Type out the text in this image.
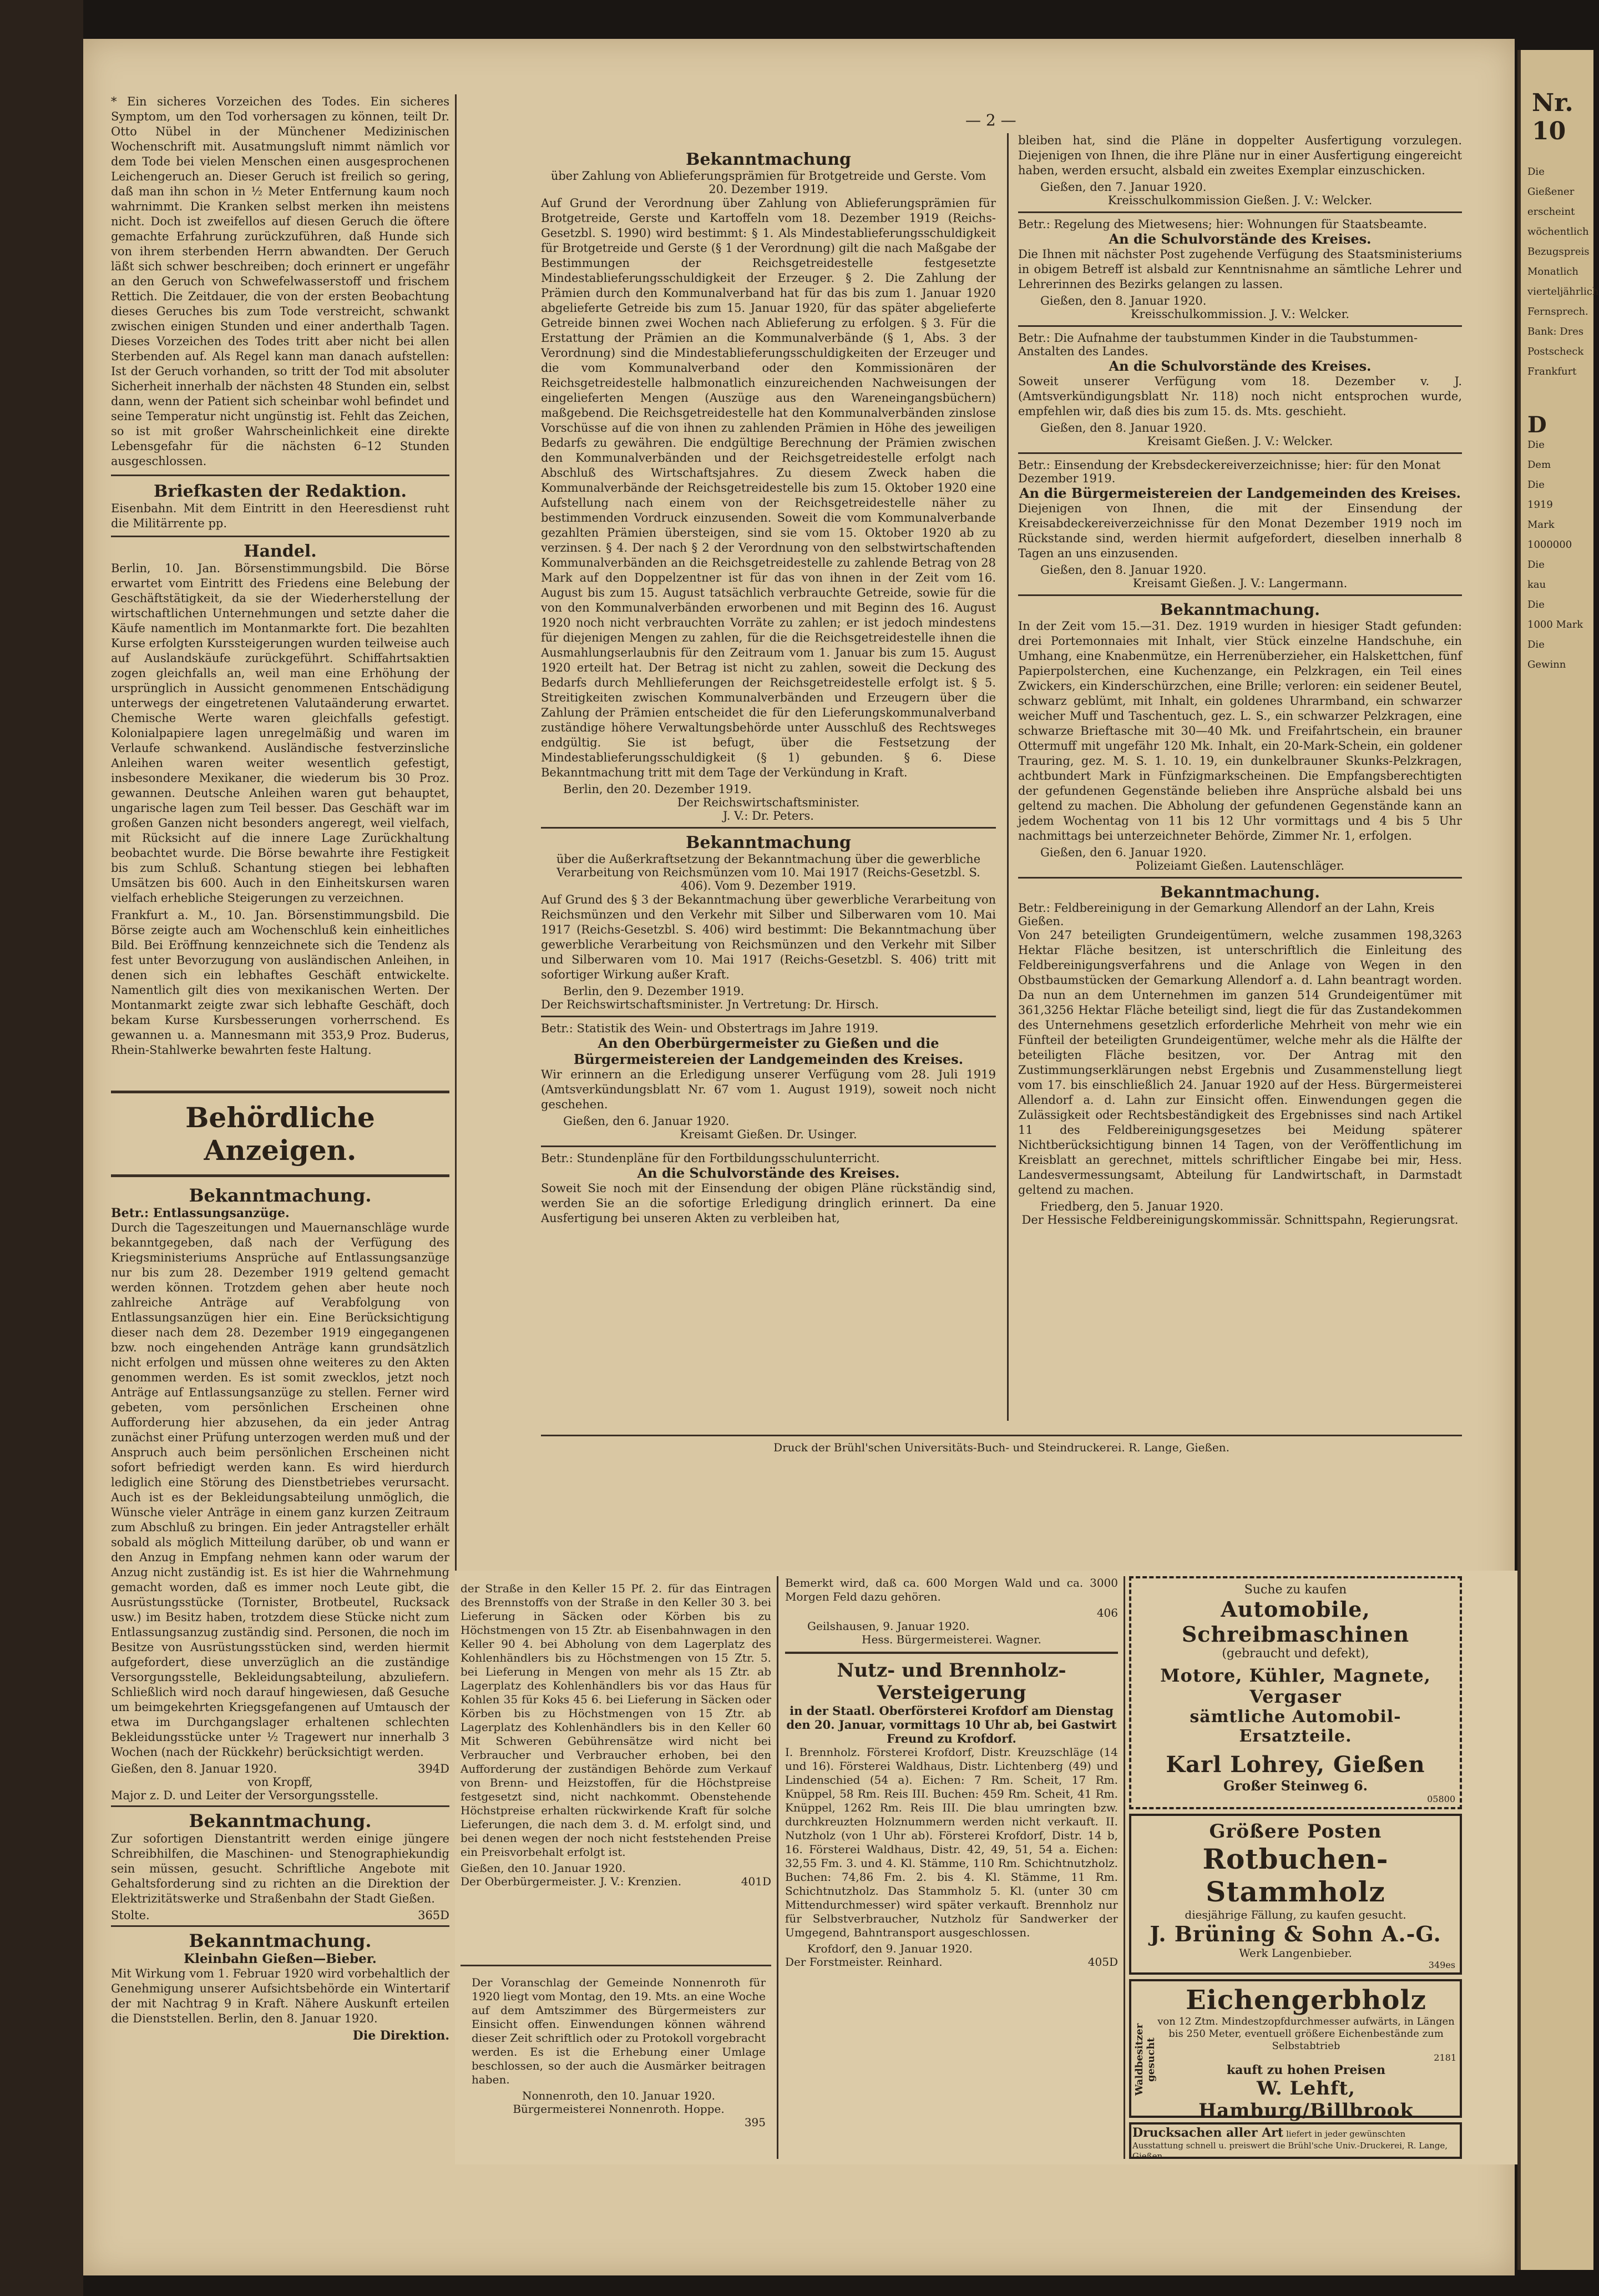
Nr. 10
Die Gießener
erscheint wöchentlich
Bezugspreis
Monatlich
vierteljährlich
Fernsprech.
Bank: Dres
Postscheck
Frankfurt
D
Die
Dem
Die
1919
Mark
1000000
Die
kau
Die
1000 Mark
Die
Gewinn
— 2 —

* Ein sicheres Vorzeichen des Todes. Ein sicheres Symptom, um den Tod vorhersagen zu können, teilt Dr. Otto Nübel in der Münchener Medizinischen Wochenschrift mit. Ausatmungsluft nimmt nämlich vor dem Tode bei vielen Menschen einen ausgesprochenen Leichengeruch an. Dieser Geruch ist freilich so gering, daß man ihn schon in ½ Meter Entfernung kaum noch wahrnimmt. Die Kranken selbst merken ihn meistens nicht. Doch ist zweifellos auf diesen Geruch die öftere gemachte Erfahrung zurückzuführen, daß Hunde sich von ihrem sterbenden Herrn abwandten. Der Geruch läßt sich schwer beschreiben; doch erinnert er ungefähr an den Geruch von Schwefelwasserstoff und frischem Rettich. Die Zeitdauer, die von der ersten Beobachtung dieses Geruches bis zum Tode verstreicht, schwankt zwischen einigen Stunden und einer anderthalb Tagen. Dieses Vorzeichen des Todes tritt aber nicht bei allen Sterbenden auf. Als Regel kann man danach aufstellen: Ist der Geruch vorhanden, so tritt der Tod mit absoluter Sicherheit innerhalb der nächsten 48 Stunden ein, selbst dann, wenn der Patient sich scheinbar wohl befindet und seine Temperatur nicht ungünstig ist. Fehlt das Zeichen, so ist mit großer Wahrscheinlichkeit eine direkte Lebensgefahr für die nächsten 6–12 Stunden ausgeschlossen.

Briefkasten der Redaktion.

Eisenbahn. Mit dem Eintritt in den Heeresdienst ruht die Militärrente pp.

Handel.

Berlin, 10. Jan. Börsenstimmungsbild. Die Börse erwartet vom Eintritt des Friedens eine Belebung der Geschäftstätigkeit, da sie der Wiederherstellung der wirtschaftlichen Unternehmungen und setzte daher die Käufe namentlich im Montanmarkte fort. Die bezahlten Kurse erfolgten Kurssteigerungen wurden teilweise auch auf Auslandskäufe zurückgeführt. Schiffahrtsaktien zogen gleichfalls an, weil man eine Erhöhung der ursprünglich in Aussicht genommenen Entschädigung unterwegs der eingetretenen Valutaänderung erwartet. Chemische Werte waren gleichfalls gefestigt. Kolonialpapiere lagen unregelmäßig und waren im Verlaufe schwankend. Ausländische festverzinsliche Anleihen waren weiter wesentlich gefestigt, insbesondere Mexikaner, die wiederum bis 30 Proz. gewannen. Deutsche Anleihen waren gut behauptet, ungarische lagen zum Teil besser. Das Geschäft war im großen Ganzen nicht besonders angeregt, weil vielfach, mit Rücksicht auf die innere Lage Zurückhaltung beobachtet wurde. Die Börse bewahrte ihre Festigkeit bis zum Schluß. Schantung stiegen bei lebhaften Umsätzen bis 600. Auch in den Einheitskursen waren vielfach erhebliche Steigerungen zu verzeichnen.

Frankfurt a. M., 10. Jan. Börsenstimmungsbild. Die Börse zeigte auch am Wochenschluß kein einheitliches Bild. Bei Eröffnung kennzeichnete sich die Tendenz als fest unter Bevorzugung von ausländischen Anleihen, in denen sich ein lebhaftes Geschäft entwickelte. Namentlich gilt dies von mexikanischen Werten. Der Montanmarkt zeigte zwar sich lebhafte Geschäft, doch bekam Kurse Kursbesserungen vorherrschend. Es gewannen u. a. Mannesmann mit 353,9 Proz. Buderus, Rhein-Stahlwerke bewahrten feste Haltung.

Behördliche Anzeigen.
Bekanntmachung.
Betr.: Entlassungsanzüge.

Durch die Tageszeitungen und Mauernanschläge wurde bekanntgegeben, daß nach der Verfügung des Kriegsministeriums Ansprüche auf Entlassungsanzüge nur bis zum 28. Dezember 1919 geltend gemacht werden können. Trotzdem gehen aber heute noch zahlreiche Anträge auf Verabfolgung von Entlassungsanzügen hier ein. Eine Berücksichtigung dieser nach dem 28. Dezember 1919 eingegangenen bzw. noch eingehenden Anträge kann grundsätzlich nicht erfolgen und müssen ohne weiteres zu den Akten genommen werden. Es ist somit zwecklos, jetzt noch Anträge auf Entlassungsanzüge zu stellen. Ferner wird gebeten, vom persönlichen Erscheinen ohne Aufforderung hier abzusehen, da ein jeder Antrag zunächst einer Prüfung unterzogen werden muß und der Anspruch auch beim persönlichen Erscheinen nicht sofort befriedigt werden kann. Es wird hierdurch lediglich eine Störung des Dienstbetriebes verursacht. Auch ist es der Bekleidungsabteilung unmöglich, die Wünsche vieler Anträge in einem ganz kurzen Zeitraum zum Abschluß zu bringen. Ein jeder Antragsteller erhält sobald als möglich Mitteilung darüber, ob und wann er den Anzug in Empfang nehmen kann oder warum der Anzug nicht zuständig ist. Es ist hier die Wahrnehmung gemacht worden, daß es immer noch Leute gibt, die Ausrüstungsstücke (Tornister, Brotbeutel, Rucksack usw.) im Besitz haben, trotzdem diese Stücke nicht zum Entlassungsanzug zuständig sind. Personen, die noch im Besitze von Ausrüstungsstücken sind, werden hiermit aufgefordert, diese unverzüglich an die zuständige Versorgungsstelle, Bekleidungsabteilung, abzuliefern. Schließlich wird noch darauf hingewiesen, daß Gesuche um beimgekehrten Kriegsgefangenen auf Umtausch der etwa im Durchgangslager erhaltenen schlechten Bekleidungsstücke unter ½ Tragewert nur innerhalb 3 Wochen (nach der Rückkehr) berücksichtigt werden.

Gießen, den 8. Januar 1920.	394D
von Kropff,
Major z. D. und Leiter der Versorgungsstelle.
Bekanntmachung.

Zur sofortigen Dienstantritt werden einige jüngere Schreibhilfen, die Maschinen- und Stenographiekundig sein müssen, gesucht. Schriftliche Angebote mit Gehaltsforderung sind zu richten an die Direktion der Elektrizitätswerke und Straßenbahn der Stadt Gießen.

Stolte.	365D
Bekanntmachung.
Kleinbahn Gießen—Bieber.

Mit Wirkung vom 1. Februar 1920 wird vorbehaltlich der Genehmigung unserer Aufsichtsbehörde ein Wintertarif der mit Nachtrag 9 in Kraft. Nähere Auskunft erteilen die Dienststellen. Berlin, den 8. Januar 1920.

Die Direktion.
Bekanntmachung
über Zahlung von Ablieferungsprämien für Brotgetreide und Gerste. Vom 20. Dezember 1919.

Auf Grund der Verordnung über Zahlung von Ablieferungsprämien für Brotgetreide, Gerste und Kartoffeln vom 18. Dezember 1919 (Reichs-Gesetzbl. S. 1990) wird bestimmt: § 1. Als Mindestablieferungsschuldigkeit für Brotgetreide und Gerste (§ 1 der Verordnung) gilt die nach Maßgabe der Bestimmungen der Reichsgetreidestelle festgesetzte Mindestablieferungsschuldigkeit der Erzeuger. § 2. Die Zahlung der Prämien durch den Kommunalverband hat für das bis zum 1. Januar 1920 abgelieferte Getreide bis zum 15. Januar 1920, für das später abgelieferte Getreide binnen zwei Wochen nach Ablieferung zu erfolgen. § 3. Für die Erstattung der Prämien an die Kommunalverbände (§ 1, Abs. 3 der Verordnung) sind die Mindestablieferungsschuldigkeiten der Erzeuger und die vom Kommunalverband oder den Kommissionären der Reichsgetreidestelle halbmonatlich einzureichenden Nachweisungen der eingelieferten Mengen (Auszüge aus den Wareneingangsbüchern) maßgebend. Die Reichsgetreidestelle hat den Kommunalverbänden zinslose Vorschüsse auf die von ihnen zu zahlenden Prämien in Höhe des jeweiligen Bedarfs zu gewähren. Die endgültige Berechnung der Prämien zwischen den Kommunalverbänden und der Reichsgetreidestelle erfolgt nach Abschluß des Wirtschaftsjahres. Zu diesem Zweck haben die Kommunalverbände der Reichsgetreidestelle bis zum 15. Oktober 1920 eine Aufstellung nach einem von der Reichsgetreidestelle näher zu bestimmenden Vordruck einzusenden. Soweit die vom Kommunalverbande gezahlten Prämien übersteigen, sind sie vom 15. Oktober 1920 ab zu verzinsen. § 4. Der nach § 2 der Verordnung von den selbstwirtschaftenden Kommunalverbänden an die Reichsgetreidestelle zu zahlende Betrag von 28 Mark auf den Doppelzentner ist für das von ihnen in der Zeit vom 16. August bis zum 15. August tatsächlich verbrauchte Getreide, sowie für die von den Kommunalverbänden erworbenen und mit Beginn des 16. August 1920 noch nicht verbrauchten Vorräte zu zahlen; er ist jedoch mindestens für diejenigen Mengen zu zahlen, für die die Reichsgetreidestelle ihnen die Ausmahlungserlaubnis für den Zeitraum vom 1. Januar bis zum 15. August 1920 erteilt hat. Der Betrag ist nicht zu zahlen, soweit die Deckung des Bedarfs durch Mehllieferungen der Reichsgetreidestelle erfolgt ist. § 5. Streitigkeiten zwischen Kommunalverbänden und Erzeugern über die Zahlung der Prämien entscheidet die für den Lieferungskommunalverband zuständige höhere Verwaltungsbehörde unter Ausschluß des Rechtsweges endgültig. Sie ist befugt, über die Festsetzung der Mindestablieferungsschuldigkeit (§ 1) gebunden. § 6. Diese Bekanntmachung tritt mit dem Tage der Verkündung in Kraft.

Berlin, den 20. Dezember 1919.
Der Reichswirtschaftsminister.
J. V.: Dr. Peters.
Bekanntmachung
über die Außerkraftsetzung der Bekanntmachung über die gewerbliche Verarbeitung von Reichsmünzen vom 10. Mai 1917 (Reichs-Gesetzbl. S. 406). Vom 9. Dezember 1919.

Auf Grund des § 3 der Bekanntmachung über gewerbliche Verarbeitung von Reichsmünzen und den Verkehr mit Silber und Silberwaren vom 10. Mai 1917 (Reichs-Gesetzbl. S. 406) wird bestimmt: Die Bekanntmachung über gewerbliche Verarbeitung von Reichsmünzen und den Verkehr mit Silber und Silberwaren vom 10. Mai 1917 (Reichs-Gesetzbl. S. 406) tritt mit sofortiger Wirkung außer Kraft.

Berlin, den 9. Dezember 1919.
Der Reichswirtschaftsminister. Jn Vertretung: Dr. Hirsch.
Betr.: Statistik des Wein- und Obstertrags im Jahre 1919.
An den Oberbürgermeister zu Gießen und die Bürgermeistereien der Landgemeinden des Kreises.

Wir erinnern an die Erledigung unserer Verfügung vom 28. Juli 1919 (Amtsverkündungsblatt Nr. 67 vom 1. August 1919), soweit noch nicht geschehen.

Gießen, den 6. Januar 1920.
Kreisamt Gießen. Dr. Usinger.
Betr.: Stundenpläne für den Fortbildungsschulunterricht.
An die Schulvorstände des Kreises.

Soweit Sie noch mit der Einsendung der obigen Pläne rückständig sind, werden Sie an die sofortige Erledigung dringlich erinnert. Da eine Ausfertigung bei unseren Akten zu verbleiben hat,

bleiben hat, sind die Pläne in doppelter Ausfertigung vorzulegen. Diejenigen von Ihnen, die ihre Pläne nur in einer Ausfertigung eingereicht haben, werden ersucht, alsbald ein zweites Exemplar einzuschicken.

Gießen, den 7. Januar 1920.
Kreisschulkommission Gießen. J. V.: Welcker.
Betr.: Regelung des Mietwesens; hier: Wohnungen für Staatsbeamte.
An die Schulvorstände des Kreises.

Die Ihnen mit nächster Post zugehende Verfügung des Staatsministeriums in obigem Betreff ist alsbald zur Kenntnisnahme an sämtliche Lehrer und Lehrerinnen des Bezirks gelangen zu lassen.

Gießen, den 8. Januar 1920.
Kreisschulkommission. J. V.: Welcker.
Betr.: Die Aufnahme der taubstummen Kinder in die Taubstummen-Anstalten des Landes.
An die Schulvorstände des Kreises.

Soweit unserer Verfügung vom 18. Dezember v. J. (Amtsverkündigungsblatt Nr. 118) noch nicht entsprochen wurde, empfehlen wir, daß dies bis zum 15. ds. Mts. geschieht.

Gießen, den 8. Januar 1920.
Kreisamt Gießen. J. V.: Welcker.
Betr.: Einsendung der Krebsdeckereiverzeichnisse; hier: für den Monat Dezember 1919.
An die Bürgermeistereien der Landgemeinden des Kreises.

Diejenigen von Ihnen, die mit der Einsendung der Kreisabdeckereiverzeichnisse für den Monat Dezember 1919 noch im Rückstande sind, werden hiermit aufgefordert, dieselben innerhalb 8 Tagen an uns einzusenden.

Gießen, den 8. Januar 1920.
Kreisamt Gießen. J. V.: Langermann.
Bekanntmachung.

In der Zeit vom 15.—31. Dez. 1919 wurden in hiesiger Stadt gefunden: drei Portemonnaies mit Inhalt, vier Stück einzelne Handschuhe, ein Umhang, eine Knabenmütze, ein Herrenüberzieher, ein Halskettchen, fünf Papierpolsterchen, eine Kuchenzange, ein Pelzkragen, ein Teil eines Zwickers, ein Kinderschürzchen, eine Brille; verloren: ein seidener Beutel, schwarz geblümt, mit Inhalt, ein goldenes Uhrarmband, ein schwarzer weicher Muff und Taschentuch, gez. L. S., ein schwarzer Pelzkragen, eine schwarze Brieftasche mit 30—40 Mk. und Freifahrtschein, ein brauner Ottermuff mit ungefähr 120 Mk. Inhalt, ein 20-Mark-Schein, ein goldener Trauring, gez. M. S. 1. 10. 19, ein dunkelbrauner Skunks-Pelzkragen, achtbundert Mark in Fünfzigmarkscheinen. Die Empfangsberechtigten der gefundenen Gegenstände belieben ihre Ansprüche alsbald bei uns geltend zu machen. Die Abholung der gefundenen Gegenstände kann an jedem Wochentag von 11 bis 12 Uhr vormittags und 4 bis 5 Uhr nachmittags bei unterzeichneter Behörde, Zimmer Nr. 1, erfolgen.

Gießen, den 6. Januar 1920.
Polizeiamt Gießen. Lautenschläger.
Bekanntmachung.
Betr.: Feldbereinigung in der Gemarkung Allendorf an der Lahn, Kreis Gießen.

Von 247 beteiligten Grundeigentümern, welche zusammen 198,3263 Hektar Fläche besitzen, ist unterschriftlich die Einleitung des Feldbereinigungsverfahrens und die Anlage von Wegen in den Obstbaumstücken der Gemarkung Allendorf a. d. Lahn beantragt worden. Da nun an dem Unternehmen im ganzen 514 Grundeigentümer mit 361,3256 Hektar Fläche beteiligt sind, liegt die für das Zustandekommen des Unternehmens gesetzlich erforderliche Mehrheit von mehr wie ein Fünfteil der beteiligten Grundeigentümer, welche mehr als die Hälfte der beteiligten Fläche besitzen, vor. Der Antrag mit den Zustimmungserklärungen nebst Ergebnis und Zusammenstellung liegt vom 17. bis einschließlich 24. Januar 1920 auf der Hess. Bürgermeisterei Allendorf a. d. Lahn zur Einsicht offen. Einwendungen gegen die Zulässigkeit oder Rechtsbeständigkeit des Ergebnisses sind nach Artikel 11 des Feldbereinigungsgesetzes bei Meidung späterer Nichtberücksichtigung binnen 14 Tagen, von der Veröffentlichung im Kreisblatt an gerechnet, mittels schriftlicher Eingabe bei mir, Hess. Landesvermessungsamt, Abteilung für Landwirtschaft, in Darmstadt geltend zu machen.

Friedberg, den 5. Januar 1920.
Der Hessische Feldbereinigungskommissär. Schnittspahn, Regierungsrat.
Druck der Brühl'schen Universitäts-Buch- und Steindruckerei. R. Lange, Gießen.

der Straße in den Keller 15 Pf. 2. für das Eintragen des Brennstoffs von der Straße in den Keller 30 3. bei Lieferung in Säcken oder Körben bis zu Höchstmengen von 15 Ztr. ab Eisenbahnwagen in den Keller 90 4. bei Abholung von dem Lagerplatz des Kohlenhändlers bis zu Höchstmengen von 15 Ztr. 5. bei Lieferung in Mengen von mehr als 15 Ztr. ab Lagerplatz des Kohlenhändlers bis vor das Haus für Kohlen 35 für Koks 45 6. bei Lieferung in Säcken oder Körben bis zu Höchstmengen von 15 Ztr. ab Lagerplatz des Kohlenhändlers bis in den Keller 60 Mit Schweren Gebührensätze wird nicht bei Verbraucher und Verbraucher erhoben, bei den Aufforderung der zuständigen Behörde zum Verkauf von Brenn- und Heizstoffen, für die Höchstpreise festgesetzt sind, nicht nachkommt. Obenstehende Höchstpreise erhalten rückwirkende Kraft für solche Lieferungen, die nach dem 3. d. M. erfolgt sind, und bei denen wegen der noch nicht feststehenden Preise ein Preisvorbehalt erfolgt ist.

Gießen, den 10. Januar 1920.
Der Oberbürgermeister. J. V.: Krenzien.	401D

Der Voranschlag der Gemeinde Nonnenroth für 1920 liegt vom Montag, den 19. Mts. an eine Woche auf dem Amtszimmer des Bürgermeisters zur Einsicht offen. Einwendungen können während dieser Zeit schriftlich oder zu Protokoll vorgebracht werden. Es ist die Erhebung einer Umlage beschlossen, so der auch die Ausmärker beitragen haben.

Nonnenroth, den 10. Januar 1920.
Bürgermeisterei Nonnenroth. Hoppe.
395

Bemerkt wird, daß ca. 600 Morgen Wald und ca. 3000 Morgen Feld dazu gehören.

406
Geilshausen, 9. Januar 1920.
Hess. Bürgermeisterei. Wagner.
Nutz- und Brennholz-Versteigerung
in der Staatl. Oberförsterei Krofdorf am Dienstag den 20. Januar, vormittags 10 Uhr ab, bei Gastwirt Freund zu Krofdorf.

I. Brennholz. Försterei Krofdorf, Distr. Kreuzschläge (14 und 16). Försterei Waldhaus, Distr. Lichtenberg (49) und Lindenschied (54 a). Eichen: 7 Rm. Scheit, 17 Rm. Knüppel, 58 Rm. Reis III. Buchen: 459 Rm. Scheit, 41 Rm. Knüppel, 1262 Rm. Reis III. Die blau umringten bzw. durchkreuzten Holznummern werden nicht verkauft. II. Nutzholz (von 1 Uhr ab). Försterei Krofdorf, Distr. 14 b, 16. Försterei Waldhaus, Distr. 42, 49, 51, 54 a. Eichen: 32,55 Fm. 3. und 4. Kl. Stämme, 110 Rm. Schichtnutzholz. Buchen: 74,86 Fm. 2. bis 4. Kl. Stämme, 11 Rm. Schichtnutzholz. Das Stammholz 5. Kl. (unter 30 cm Mittendurchmesser) wird später verkauft. Brennholz nur für Selbstverbraucher, Nutzholz für Sandwerker der Umgegend, Bahntransport ausgeschlossen.

Krofdorf, den 9. Januar 1920.
Der Forstmeister. Reinhard.	405D
Suche zu kaufen
Automobile, Schreibmaschinen
(gebraucht und defekt),
Motore, Kühler, Magnete, Vergaser
sämtliche Automobil-Ersatzteile.
Karl Lohrey, Gießen
Großer Steinweg 6.
05800
Größere Posten
Rotbuchen-Stammholz
diesjährige Fällung, zu kaufen gesucht.
J. Brüning & Sohn A.-G.
Werk Langenbieber.
349es
Waldbesitzer gesucht
Eichengerbholz
von 12 Ztm. Mindestzopfdurchmesser aufwärts, in Längen bis 250 Meter, eventuell größere Eichenbestände zum Selbstabtrieb
2181
kauft zu hohen Preisen
W. Lehft, Hamburg/Billbrook
Drucksachen aller Art liefert in jeder gewünschten Ausstattung schnell u. preiswert die Brühl'sche Univ.-Druckerei, R. Lange, Gießen
